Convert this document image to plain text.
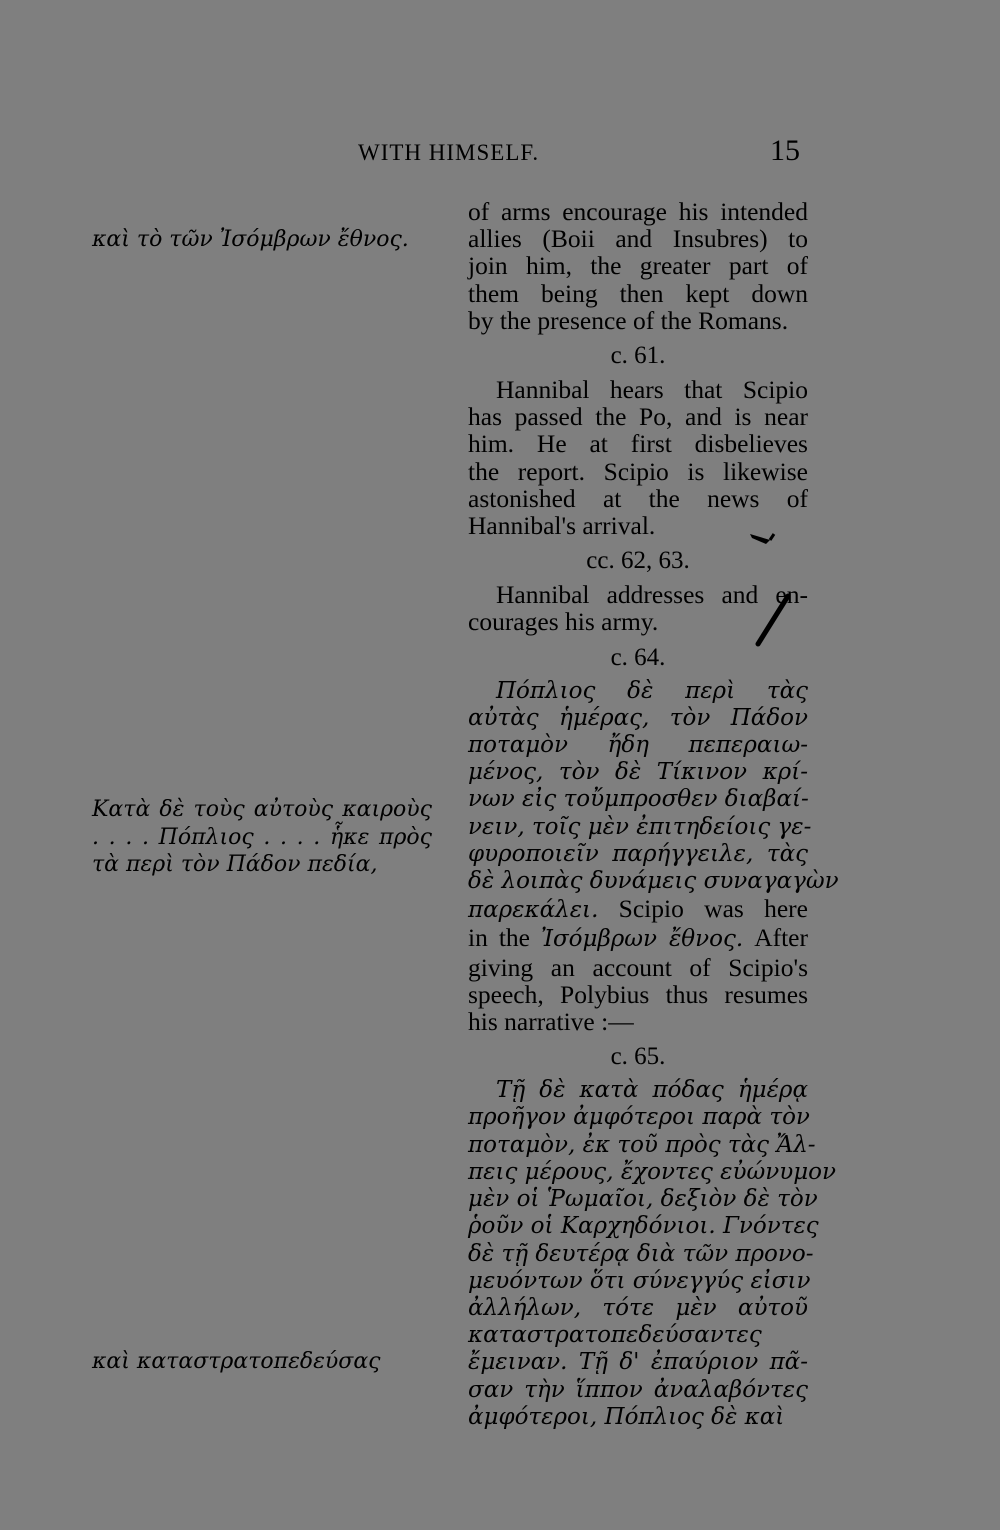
WITH HIMSELF.	15
καὶ τὸ τῶν Ἰσόμβρων ἔθνος.
Κατὰ δὲ τοὺς αὐτοὺς καιροὺς
. . . . Πόπλιος . . . . ἧκε πρὸς
τὰ περὶ τὸν Πάδον πεδία,
καὶ καταστρατοπεδεύσας

of arms encourage his intended
allies (Boii and Insubres) to
join him, the greater part of
them being then kept down
by the presence of the Romans.

c. 61.

Hannibal hears that Scipio
has passed the Po, and is near
him. He at first disbelieves
the report. Scipio is likewise
astonished at the news of
Hannibal's arrival.

cc. 62, 63.

Hannibal addresses and en-
courages his army.

c. 64.

Πόπλιος δὲ περὶ τὰς
αὐτὰς ἡμέρας, τὸν Πάδον
ποταμὸν ἤδη πεπεραιω-
μένος, τὸν δὲ Τίκινον κρί-
νων εἰς τοὔμπροσθεν διαβαί-
νειν, τοῖς μὲν ἐπιτηδείοις γε-
φυροποιεῖν παρήγγειλε, τὰς
δὲ λοιπὰς δυνάμεις συναγαγὼν
παρεκάλει. Scipio was here
in the Ἰσόμβρων ἔθνος. After
giving an account of Scipio's
speech, Polybius thus resumes
his narrative :—

c. 65.

Τῇ δὲ κατὰ πόδας ἡμέρᾳ
προῆγον ἀμφότεροι παρὰ τὸν
ποταμὸν, ἐκ τοῦ πρὸς τὰς Ἄλ-
πεις μέρους, ἔχοντες εὐώνυμον
μὲν οἱ Ῥωμαῖοι, δεξιὸν δὲ τὸν
ῥοῦν οἱ Καρχηδόνιοι. Γνόντες
δὲ τῇ δευτέρᾳ διὰ τῶν προνο-
μευόντων ὅτι σύνεγγύς εἰσιν
ἀλλήλων, τότε μὲν αὐτοῦ
καταστρατοπεδεύσαντες
ἔμειναν. Τῇ δ' ἐπαύριον πᾶ-
σαν τὴν ἵππον ἀναλαβόντες
ἀμφότεροι, Πόπλιος δὲ καὶ
